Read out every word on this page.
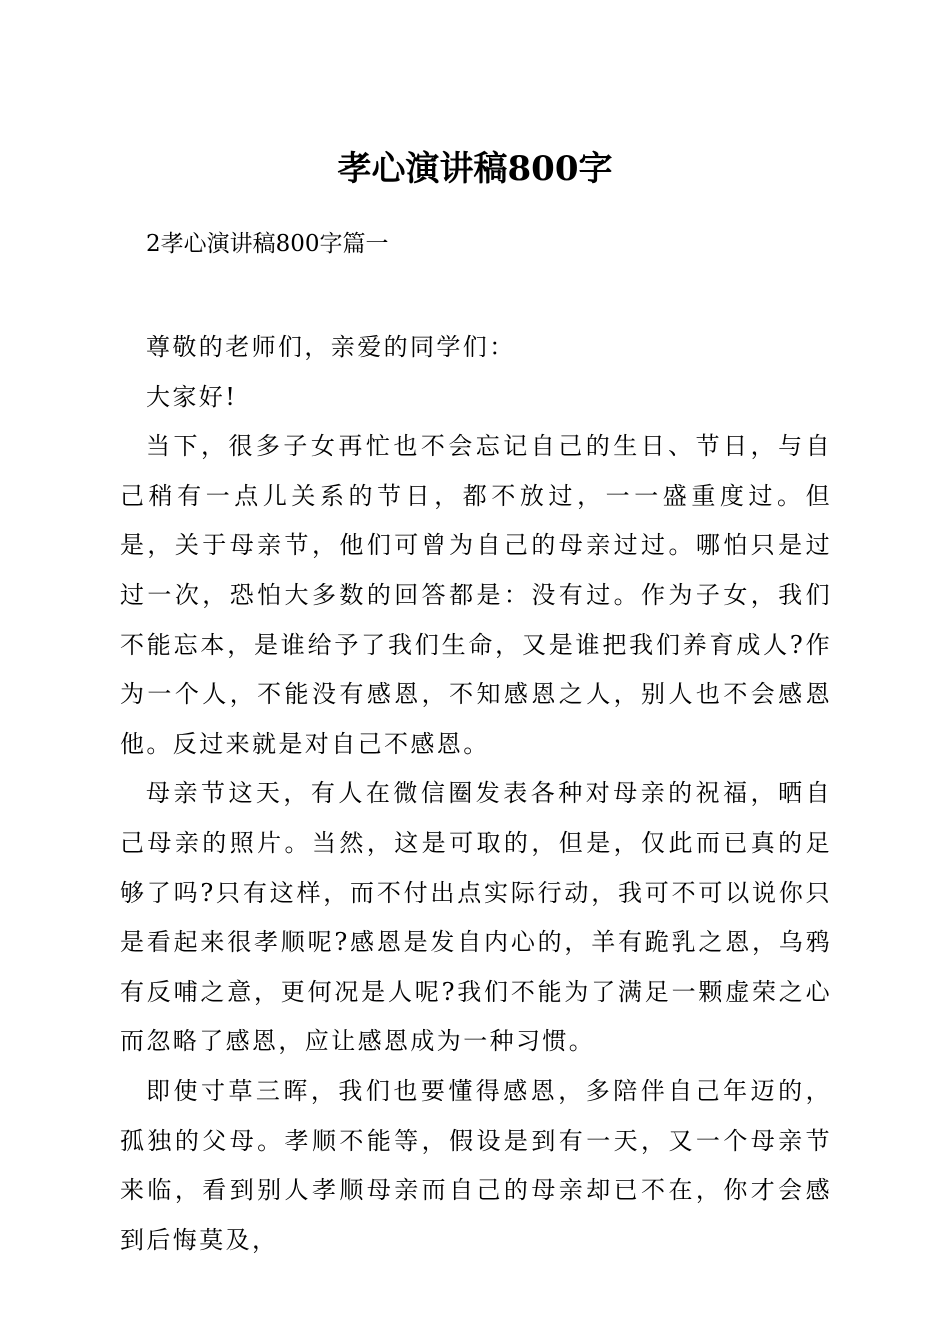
孝心演讲稿800字
2孝心演讲稿800字篇一

尊敬的老师们，亲爱的同学们：

大家好!

当下，很多子女再忙也不会忘记自己的生日、节日，与自己稍有一点儿关系的节日，都不放过，一一盛重度过。但是，关于母亲节，他们可曾为自己的母亲过过。哪怕只是过过一次，恐怕大多数的回答都是：没有过。作为子女，我们不能忘本，是谁给予了我们生命，又是谁把我们养育成人?作为一个人，不能没有感恩，不知感恩之人，别人也不会感恩他。反过来就是对自己不感恩。

母亲节这天，有人在微信圈发表各种对母亲的祝福，晒自己母亲的照片。当然，这是可取的，但是，仅此而已真的足够了吗?只有这样，而不付出点实际行动，我可不可以说你只是看起来很孝顺呢?感恩是发自内心的，羊有跪乳之恩，乌鸦有反哺之意，更何况是人呢?我们不能为了满足一颗虚荣之心而忽略了感恩，应让感恩成为一种习惯。

即使寸草三晖，我们也要懂得感恩，多陪伴自己年迈的，孤独的父母。孝顺不能等，假设是到有一天，又一个母亲节来临，看到别人孝顺母亲而自己的母亲却已不在，你才会感到后悔莫及，
